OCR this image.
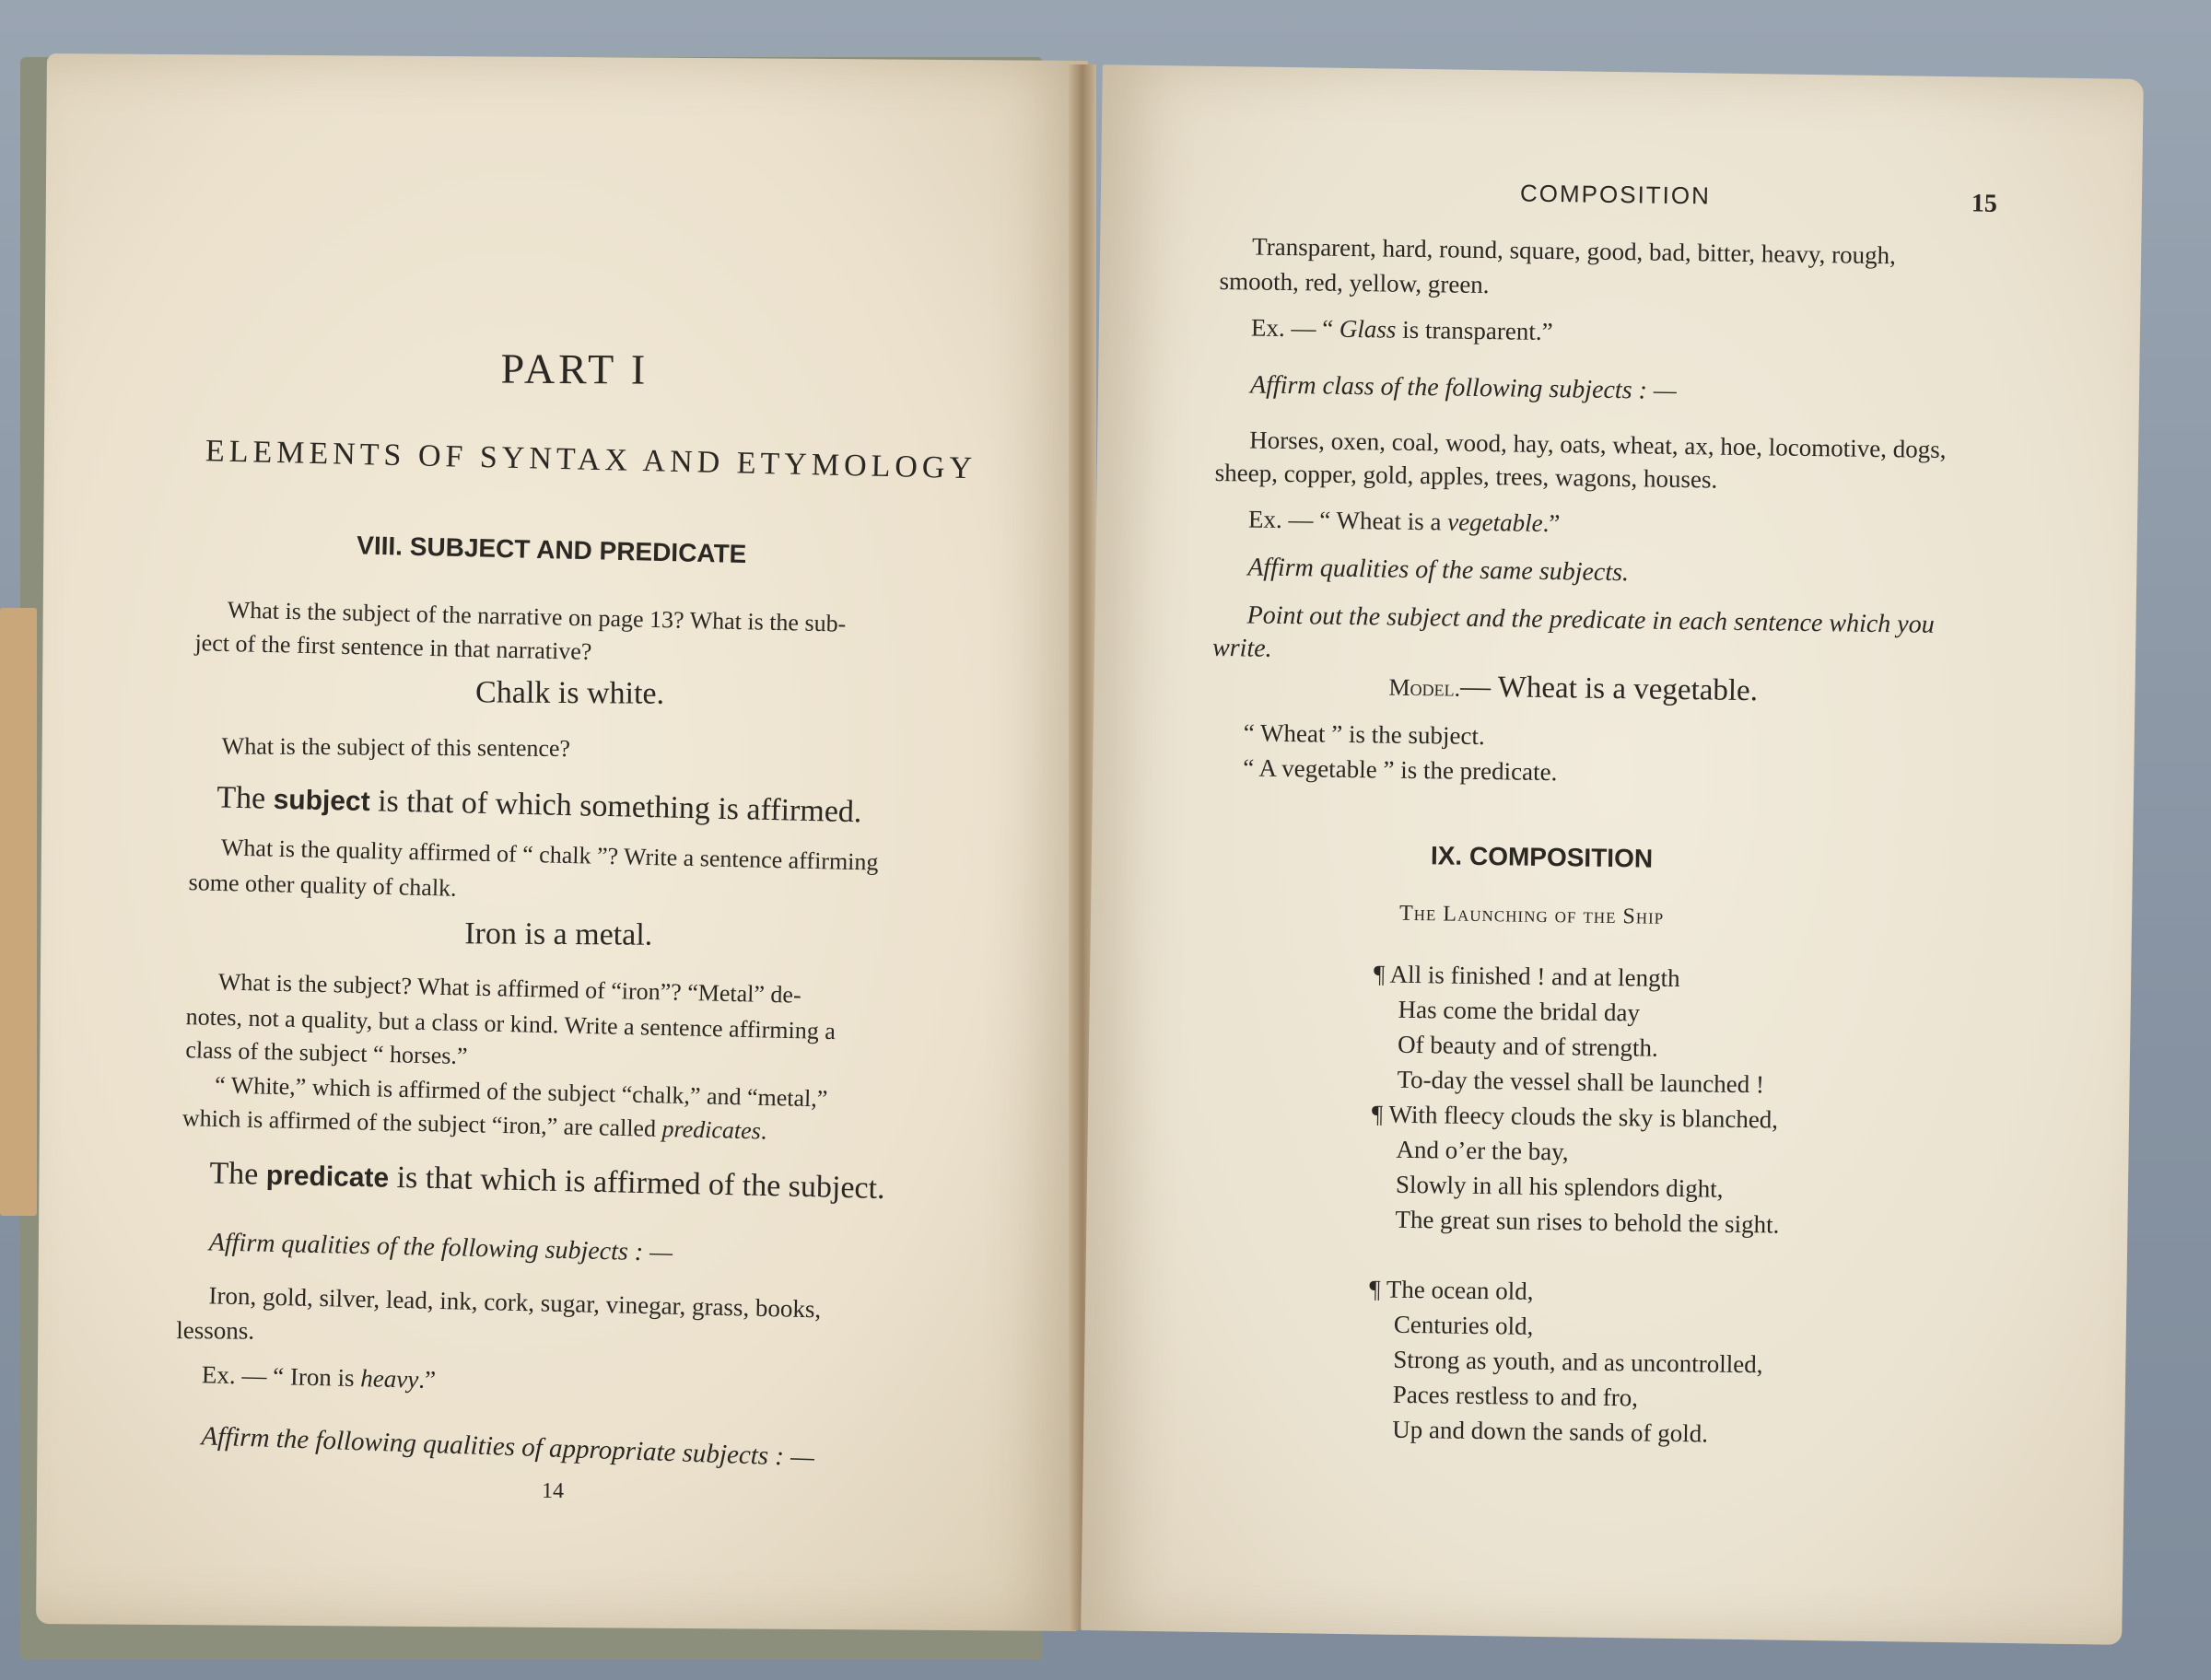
PART I
ELEMENTS OF SYNTAX AND ETYMOLOGY
VIII. SUBJECT AND PREDICATE
What is the subject of the narrative on page 13? What is the sub-
ject of the first sentence in that narrative?
Chalk is white.
What is the subject of this sentence?
The subject is that of which something is affirmed.
What is the quality affirmed of “ chalk ”? Write a sentence affirming
some other quality of chalk.
Iron is a metal.
What is the subject? What is affirmed of “iron”? “Metal” de-
notes, not a quality, but a class or kind. Write a sentence affirming a
class of the subject “ horses.”
“ White,” which is affirmed of the subject “chalk,” and “metal,”
which is affirmed of the subject “iron,” are called predicates.
The predicate is that which is affirmed of the subject.
Affirm qualities of the following subjects : —
Iron, gold, silver, lead, ink, cork, sugar, vinegar, grass, books,
lessons.
Ex. — “ Iron is heavy.”
Affirm the following qualities of appropriate subjects : —
14
COMPOSITION	15
Transparent, hard, round, square, good, bad, bitter, heavy, rough,
smooth, red, yellow, green.
Ex. — “ Glass is transparent.”
Affirm class of the following subjects : —
Horses, oxen, coal, wood, hay, oats, wheat, ax, hoe, locomotive, dogs,
sheep, copper, gold, apples, trees, wagons, houses.
Ex. — “ Wheat is a vegetable.”
Affirm qualities of the same subjects.
Point out the subject and the predicate in each sentence which you
write.
Model.— Wheat is a vegetable.
“ Wheat ” is the subject.
“ A vegetable ” is the predicate.
IX. COMPOSITION
The Launching of the Ship
¶ All is finished ! and at length
Has come the bridal day
Of beauty and of strength.
To-day the vessel shall be launched !
¶ With fleecy clouds the sky is blanched,
And o’er the bay,
Slowly in all his splendors dight,
The great sun rises to behold the sight.
¶ The ocean old,
Centuries old,
Strong as youth, and as uncontrolled,
Paces restless to and fro,
Up and down the sands of gold.
